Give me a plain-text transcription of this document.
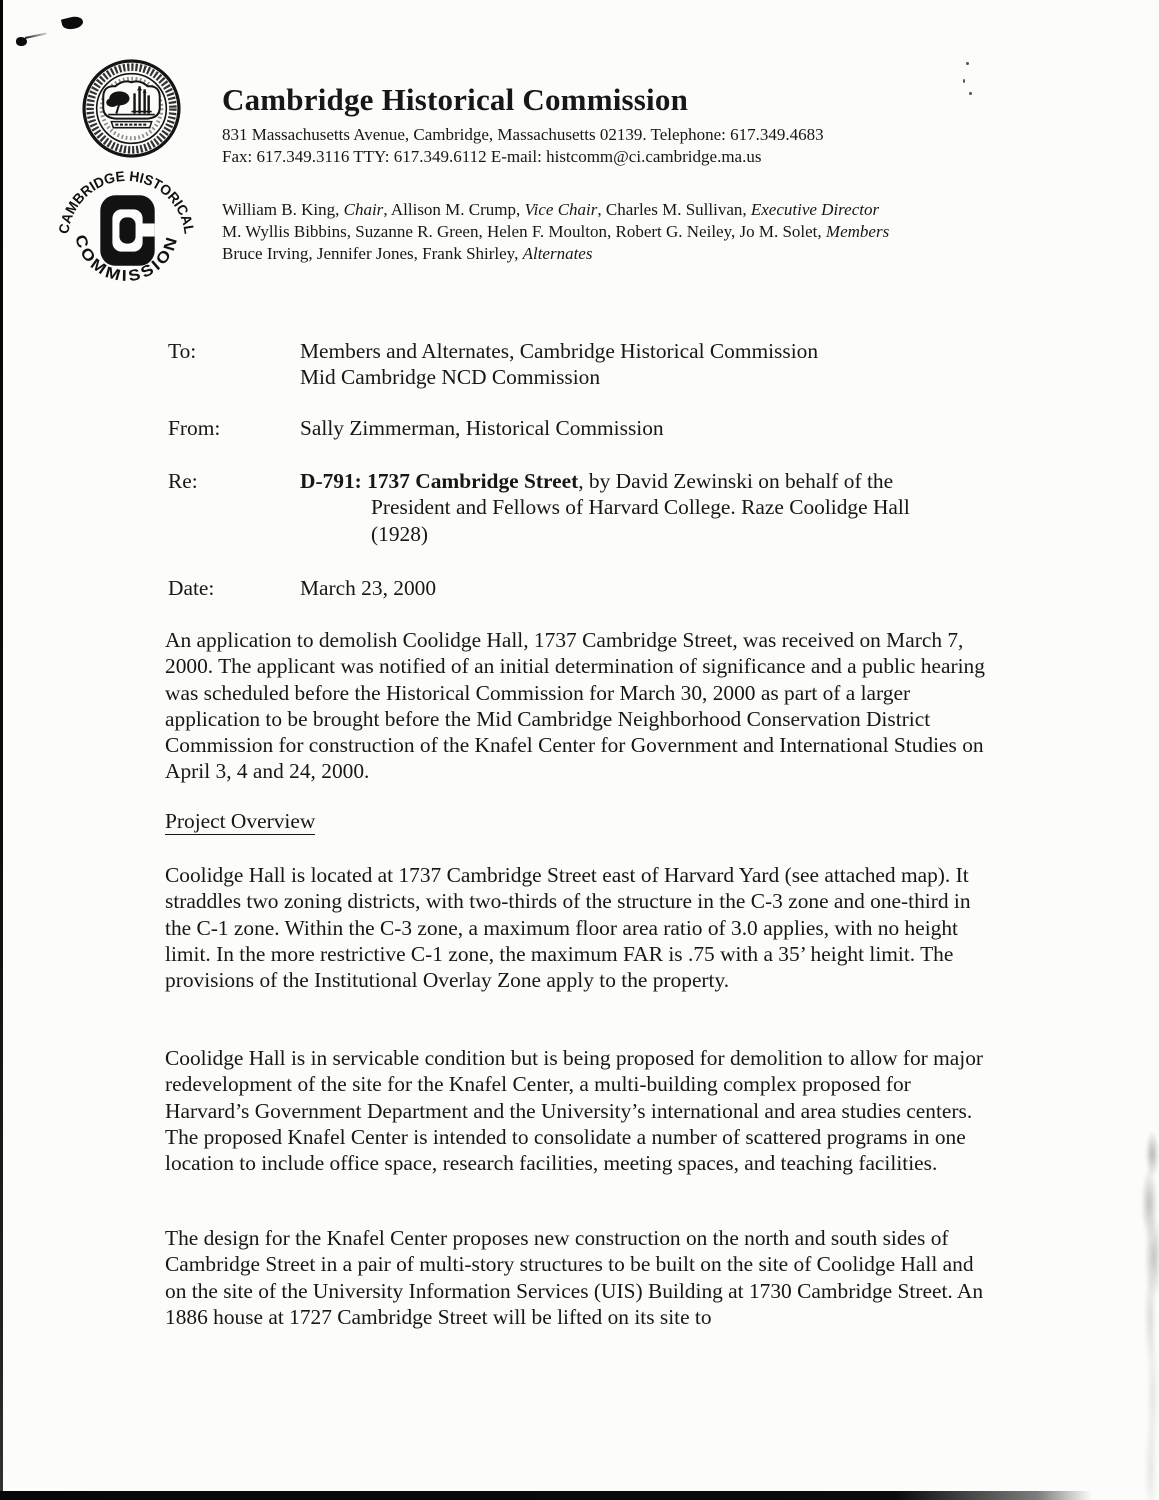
CAMBRIDGE HISTORICAL
COMMISSION
Cambridge Historical Commission
831 Massachusetts Avenue, Cambridge, Massachusetts 02139. Telephone: 617.349.4683
Fax: 617.349.3116 TTY: 617.349.6112 E-mail: histcomm@ci.cambridge.ma.us
William B. King, Chair, Allison M. Crump, Vice Chair, Charles M. Sullivan, Executive Director
M. Wyllis Bibbins, Suzanne R. Green, Helen F. Moulton, Robert G. Neiley, Jo M. Solet, Members
Bruce Irving, Jennifer Jones, Frank Shirley, Alternates
To:	Members and Alternates, Cambridge Historical Commission
Mid Cambridge NCD Commission
From:	Sally Zimmerman, Historical Commission
Re:	D-791: 1737 Cambridge Street, by David Zewinski on behalf of the
President and Fellows of Harvard College. Raze Coolidge Hall
(1928)
Date:	March 23, 2000
An application to demolish Coolidge Hall, 1737 Cambridge Street, was received on March 7, 2000. The applicant was notified of an initial determination of significance and a public hearing was scheduled before the Historical Commission for March 30, 2000 as part of a larger application to be brought before the Mid Cambridge Neighborhood Conservation District Commission for construction of the Knafel Center for Government and International Studies on April 3, 4 and 24, 2000.
Project Overview
Coolidge Hall is located at 1737 Cambridge Street east of Harvard Yard (see attached map). It straddles two zoning districts, with two-thirds of the structure in the C-3 zone and one-third in the C-1 zone. Within the C-3 zone, a maximum floor area ratio of 3.0 applies, with no height limit. In the more restrictive C-1 zone, the maximum FAR is .75 with a 35’ height limit. The provisions of the Institutional Overlay Zone apply to the property.
Coolidge Hall is in servicable condition but is being proposed for demolition to allow for major redevelopment of the site for the Knafel Center, a multi-building complex proposed for Harvard’s Government Department and the University’s international and area studies centers. The proposed Knafel Center is intended to consolidate a number of scattered programs in one location to include office space, research facilities, meeting spaces, and teaching facilities.
The design for the Knafel Center proposes new construction on the north and south sides of Cambridge Street in a pair of multi-story structures to be built on the site of Coolidge Hall and on the site of the University Information Services (UIS) Building at 1730 Cambridge Street. An 1886 house at 1727 Cambridge Street will be lifted on its site to
